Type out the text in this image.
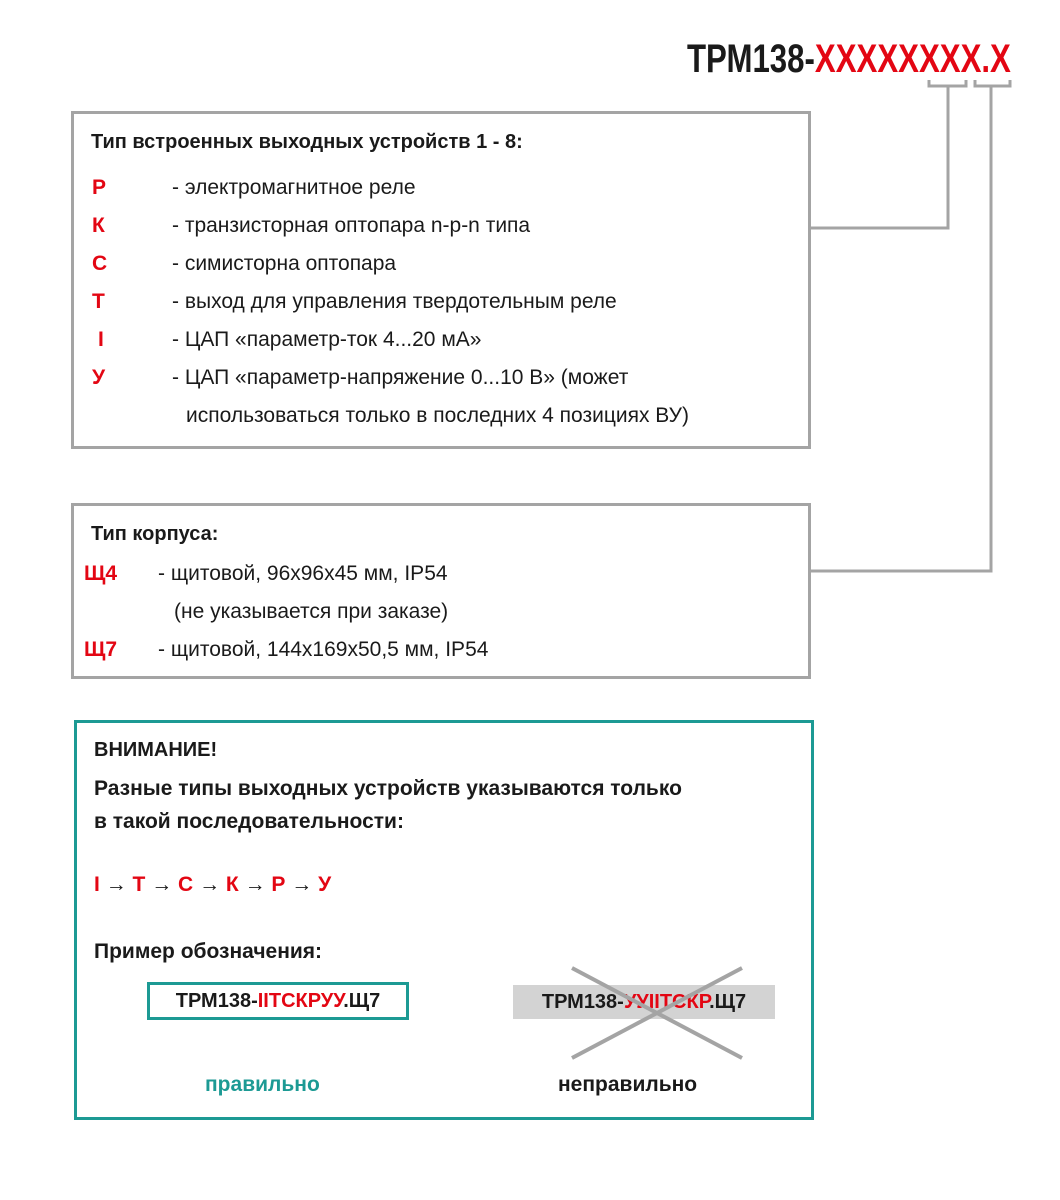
ТРМ138-ХХХХХХХХ.Х
Тип встроенных выходных устройств 1 - 8:
Р	- электромагнитное реле
К	- транзисторная оптопара n-p-n типа
С	- симисторна оптопара
Т	- выход для управления твердотельным реле
I	- ЦАП «параметр-ток 4...20 мА»
У	- ЦАП «параметр-напряжение 0...10 В» (может
использоваться только в последних 4 позициях ВУ)
Тип корпуса:
Щ4 - щитовой, 96х96х45 мм, IP54
(не указывается при заказе)
Щ7 - щитовой, 144х169х50,5 мм, IP54
ВНИМАНИЕ!
Разные типы выходных устройств указываются только
в такой последовательности:
I → Т → С → К → Р → У
Пример обозначения:
ТРМ138-IIТСКРУУ.Щ7
правильно
ТРМ138-УУIIТСКР.Щ7
неправильно
